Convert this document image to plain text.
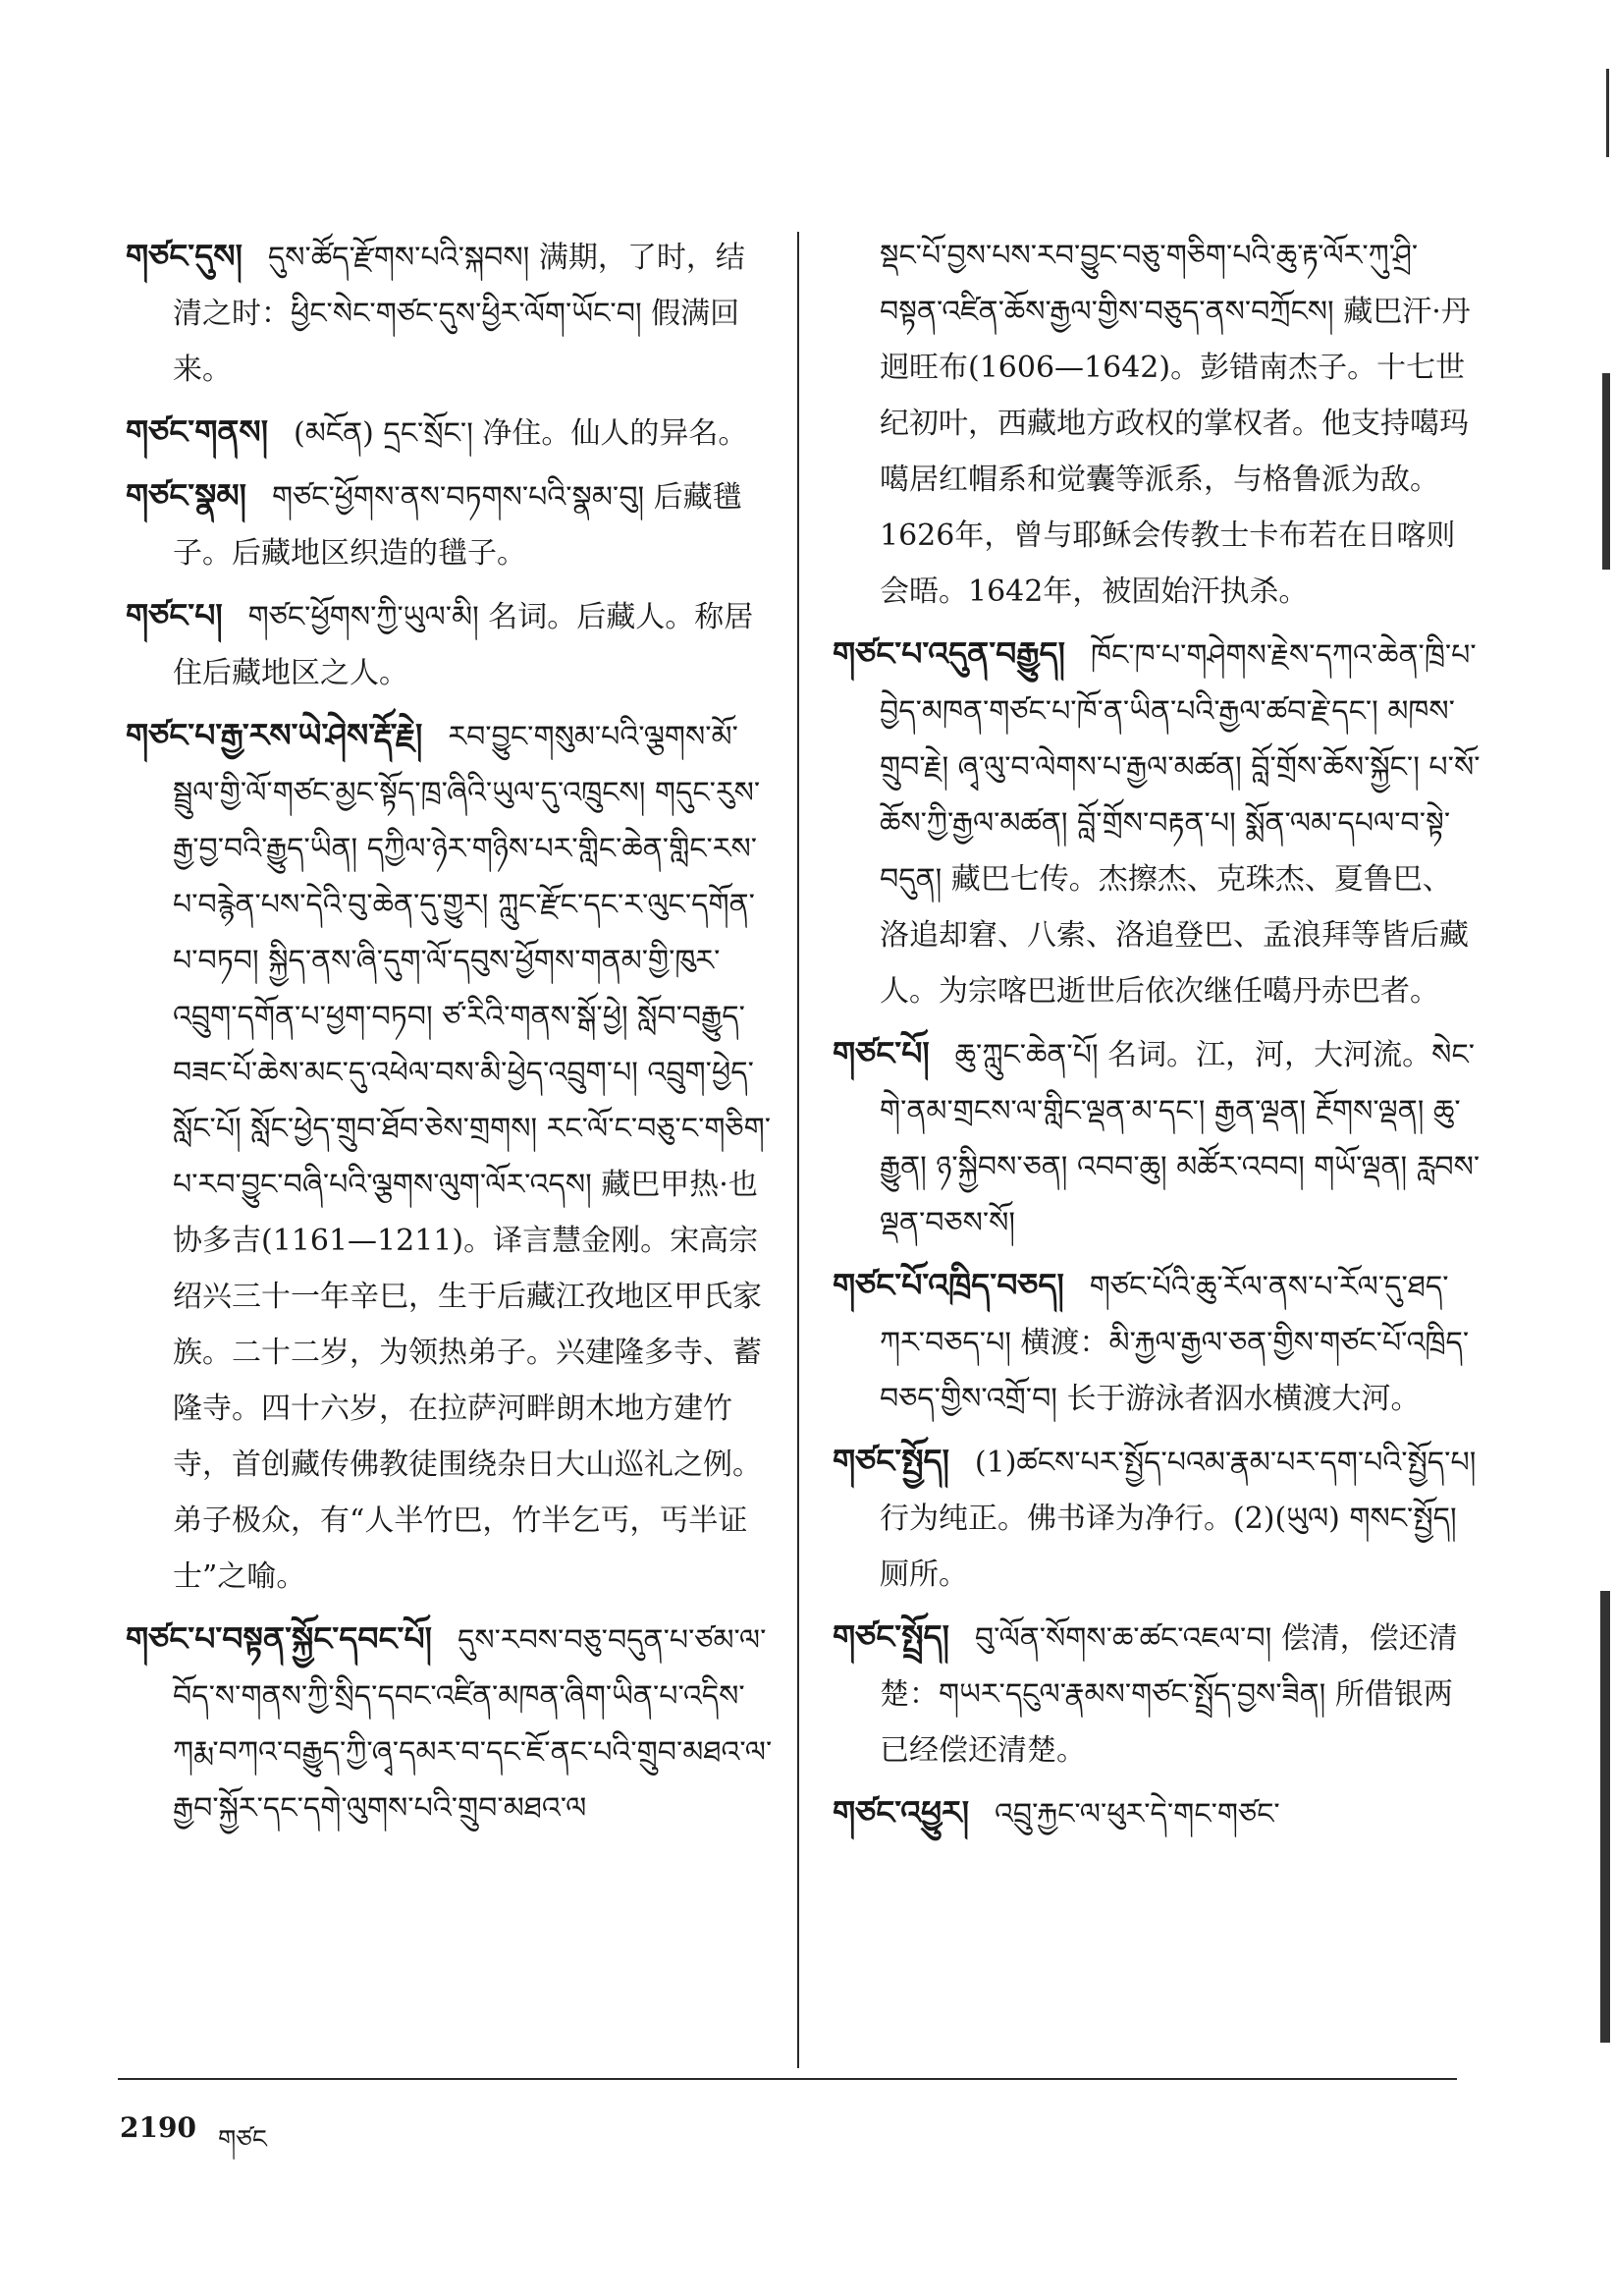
གཙང་དུས། དུས་ཚོད་རྫོགས་པའི་སྐབས། 满期，了时，结清之时：ཕྱིང་སེང་གཙང་དུས་ཕྱིར་ལོག་ཡོང་བ། 假满回来。

གཙང་གནས། (མངོན) དྲང་སྲོང་། 净住。仙人的异名。

གཙང་སྣམ། གཙང་ཕྱོགས་ནས་བཏགས་པའི་སྣམ་བུ། 后藏氆子。后藏地区织造的氆子。

གཙང་པ། གཙང་ཕྱོགས་ཀྱི་ཡུལ་མི། 名词。后藏人。称居住后藏地区之人。

གཙང་པ་རྒྱ་རས་ཡེ་ཤེས་རྡོ་རྗེ། རབ་བྱུང་གསུམ་པའི་ལྕགས་མོ་སྦྲུལ་གྱི་ལོ་གཙང་མྱང་སྟོད་ཁྲ་ཞིའི་ཡུལ་དུ་འཁྲུངས། གདུང་རུས་རྒྱ་བྱ་བའི་རྒྱུད་ཡིན། དཀྱིལ་ཉེར་གཉིས་པར་གླིང་ཆེན་གླིང་རས་པ་བརྙེན་པས་དེའི་བུ་ཆེན་དུ་གྱུར། ཀླུང་རྫོང་དང་ར་ལུང་དགོན་པ་བཏབ། སྐྱིད་ནས་ཞི་དུག་ལོ་དབུས་ཕྱོགས་གནམ་གྱི་ཁུར་འབྲུག་དགོན་པ་ཕྱག་བཏབ། ཙ་རིའི་གནས་སྒོ་ཕྱེ། སློབ་བརྒྱུད་བཟང་པོ་ཆེས་མང་དུ་འཕེལ་བས་མི་ཕྱེད་འབྲུག་པ། འབྲུག་ཕྱེད་སློང་པོ། སློང་ཕྱེད་གྲུབ་ཐོབ་ཅེས་གྲགས། རང་ལོ་ང་བཅུ་ང་གཅིག་པ་རབ་བྱུང་བཞི་པའི་ལྕགས་ལུག་ལོར་འདས། 藏巴甲热·也协多吉(1161—1211)。译言慧金刚。宋高宗绍兴三十一年辛巳，生于后藏江孜地区甲氏家族。二十二岁，为领热弟子。兴建隆多寺、蓄隆寺。四十六岁，在拉萨河畔朗木地方建竹寺，首创藏传佛教徒围绕杂日大山巡礼之例。弟子极众，有“人半竹巴，竹半乞丐，丐半证士”之喻。

གཙང་པ་བསྟན་སྐྱོང་དབང་པོ། དུས་རབས་བཅུ་བདུན་པ་ཙམ་ལ་བོད་ས་གནས་ཀྱི་སྲིད་དབང་འཛིན་མཁན་ཞིག་ཡིན་པ་འདིས་ཀརྨ་བཀའ་བརྒྱུད་ཀྱི་ཞྭ་དམར་བ་དང་ཇོ་ནང་པའི་གྲུབ་མཐའ་ལ་རྒྱབ་སྐྱོར་དང་དགེ་ལུགས་པའི་གྲུབ་མཐའ་ལ

སྡང་པོ་བྱས་པས་རབ་བྱུང་བཅུ་གཅིག་པའི་ཆུ་རྟ་ལོར་ཀུ་ཤྲི་བསྟན་འཛིན་ཆོས་རྒྱལ་གྱིས་བཅུད་ནས་བཀྲོངས། 藏巴汗·丹迥旺布(1606—1642)。彭错南杰子。十七世纪初叶，西藏地方政权的掌权者。他支持噶玛噶居红帽系和觉囊等派系，与格鲁派为敌。1626年，曾与耶稣会传教士卡布若在日喀则会晤。1642年，被固始汗执杀。

གཙང་པ་འདུན་བརྒྱུད། ཁོང་ཁ་པ་གཤེགས་རྗེས་དཀའ་ཆེན་ཁྲི་པ་བྱེད་མཁན་གཙང་པ་ཁོ་ན་ཡིན་པའི་རྒྱལ་ཚབ་རྗེ་དང་། མཁས་གྲུབ་རྗེ། ཞྭ་ལུ་བ་ལེགས་པ་རྒྱལ་མཚན། བློ་གྲོས་ཆོས་སྐྱོང་། པ་སོ་ཆོས་ཀྱི་རྒྱལ་མཚན། བློ་གྲོས་བརྟན་པ། སྨོན་ལམ་དཔལ་བ་སྟེ་བདུན། 藏巴七传。杰擦杰、克珠杰、夏鲁巴、洛追却窘、八索、洛追登巴、孟浪拜等皆后藏人。为宗喀巴逝世后依次继任噶丹赤巴者。

གཙང་པོ། ཆུ་ཀླུང་ཆེན་པོ། 名词。江，河，大河流。སེང་གེ་ནམ་གྲངས་ལ་གླིང་ལྡན་མ་དང་། རྒྱན་ལྡན། རྔོགས་ལྡན། ཆུ་རྒྱུན། ཉ་སྐྱིབས་ཅན། འབབ་ཆུ། མཚོར་འབབ། གཡོ་ལྡན། རླབས་ལྡན་བཅས་སོ།

གཙང་པོ་འཁྲིད་བཅད། གཙང་པོའི་ཆུ་རོལ་ནས་པ་རོལ་དུ་ཐད་ཀར་བཅད་པ། 横渡：མི་རྐྱལ་རྒྱལ་ཅན་གྱིས་གཙང་པོ་འཁྲིད་བཅད་གྱིས་འགྲོ་བ། 长于游泳者泅水横渡大河。

གཙང་སྤྱོད། (1)ཚངས་པར་སྤྱོད་པའམ་རྣམ་པར་དག་པའི་སྤྱོད་པ། 行为纯正。佛书译为净行。(2)(ཡུལ) གསང་སྤྱོད། 厕所。

གཙང་སྤྲོད། བུ་ལོན་སོགས་ཆ་ཚང་འཇལ་བ། 偿清，偿还清楚：གཡར་དངུལ་རྣམས་གཙང་སྤྲོད་བྱས་ཟིན། 所借银两已经偿还清楚。

གཙང་འཕྱུར། འབྲུ་རྐྱང་ལ་ཕུར་དེ་གང་གཙང་

2190 གཙང
